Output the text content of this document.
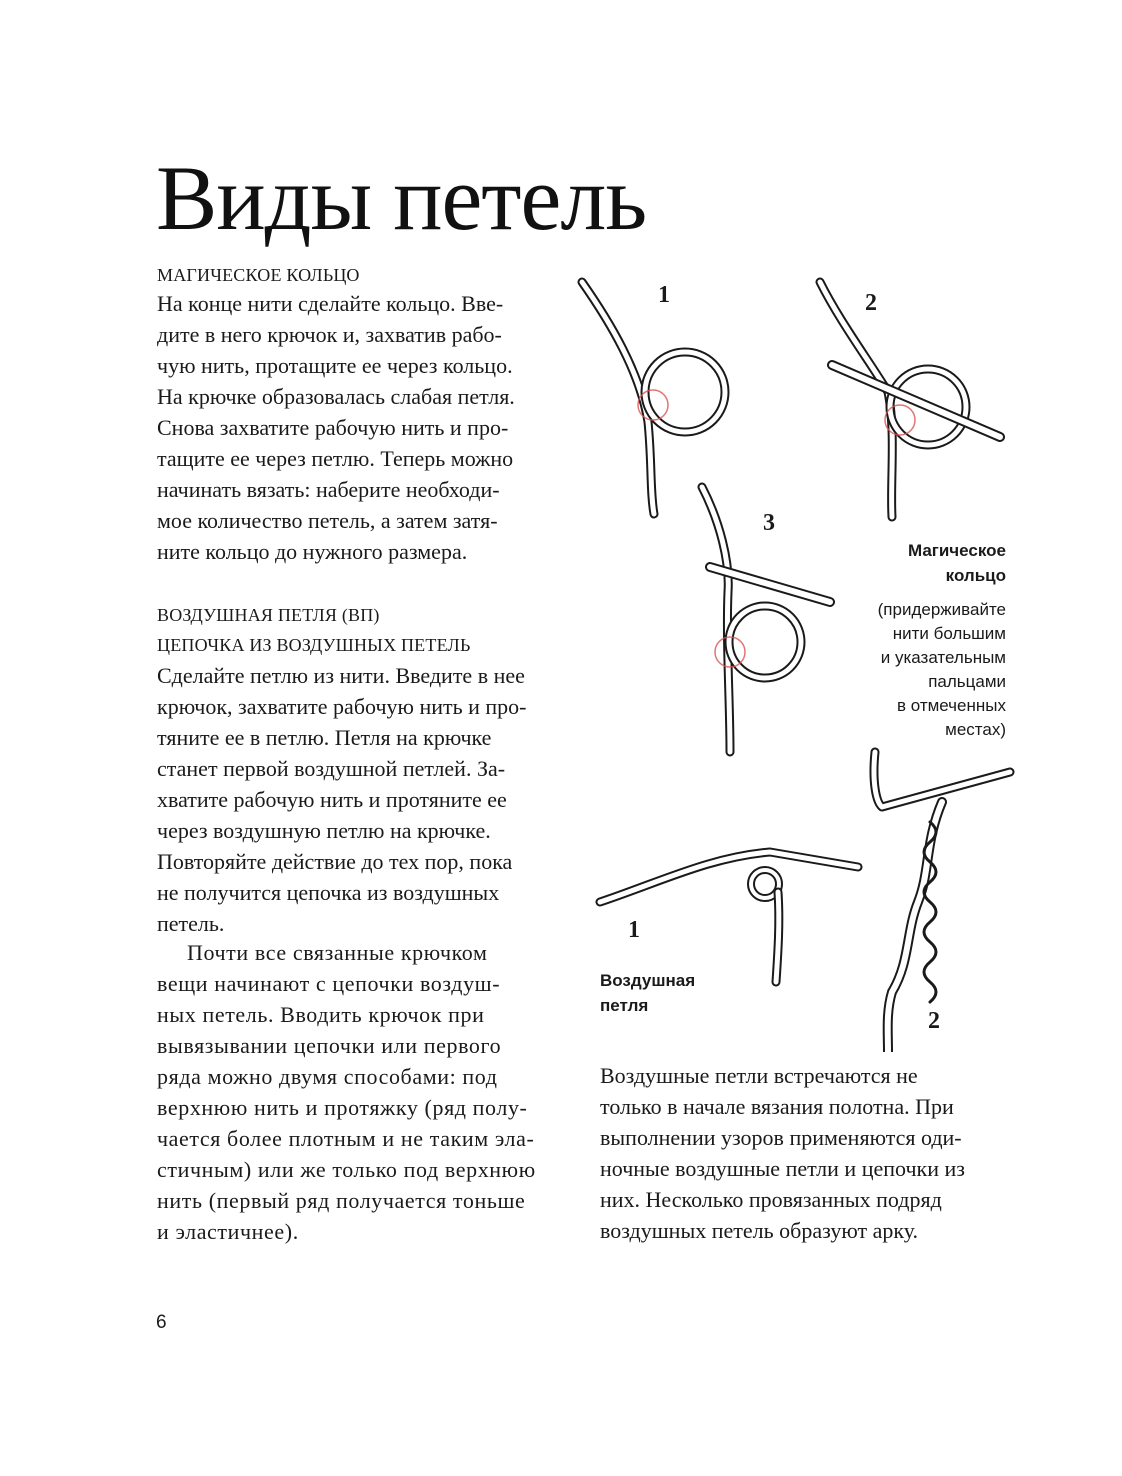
Виды петель
МАГИЧЕСКОЕ КОЛЬЦО

На конце нити сделайте кольцо. Вве-
дите в него крючок и, захватив рабо-
чую нить, протащите ее через кольцо.
На крючке образовалась слабая петля.
Снова захватите рабочую нить и про-
тащите ее через петлю. Теперь можно
начинать вязать: наберите необходи-
мое количество петель, а затем затя-
ните кольцо до нужного размера.

ВОЗДУШНАЯ ПЕТЛЯ (ВП)
ЦЕПОЧКА ИЗ ВОЗДУШНЫХ ПЕТЕЛЬ

Сделайте петлю из нити. Введите в нее
крючок, захватите рабочую нить и про-
тяните ее в петлю. Петля на крючке
станет первой воздушной петлей. За-
хватите рабочую нить и протяните ее
через воздушную петлю на крючке.
Повторяйте действие до тех пор, пока
не получится цепочка из воздушных
петель.

Почти все связанные крючком
вещи начинают с цепочки воздуш-
ных петель. Вводить крючок при
вывязывании цепочки или первого
ряда можно двумя способами: под
верхнюю нить и протяжку (ряд полу-
чается более плотным и не таким эла-
стичным) или же только под верхнюю
нить (первый ряд получается тоньше
и эластичнее).

Воздушные петли встречаются не
только в начале вязания полотна. При
выполнении узоров применяются оди-
ночные воздушные петли и цепочки из
них. Несколько провязанных подряд
воздушных петель образуют арку.

1	2
3
Магическое
кольцо
(придерживайте
нити большим
и указательным
пальцами
в отмеченных
местах)
1
Воздушная
петля
2
6
